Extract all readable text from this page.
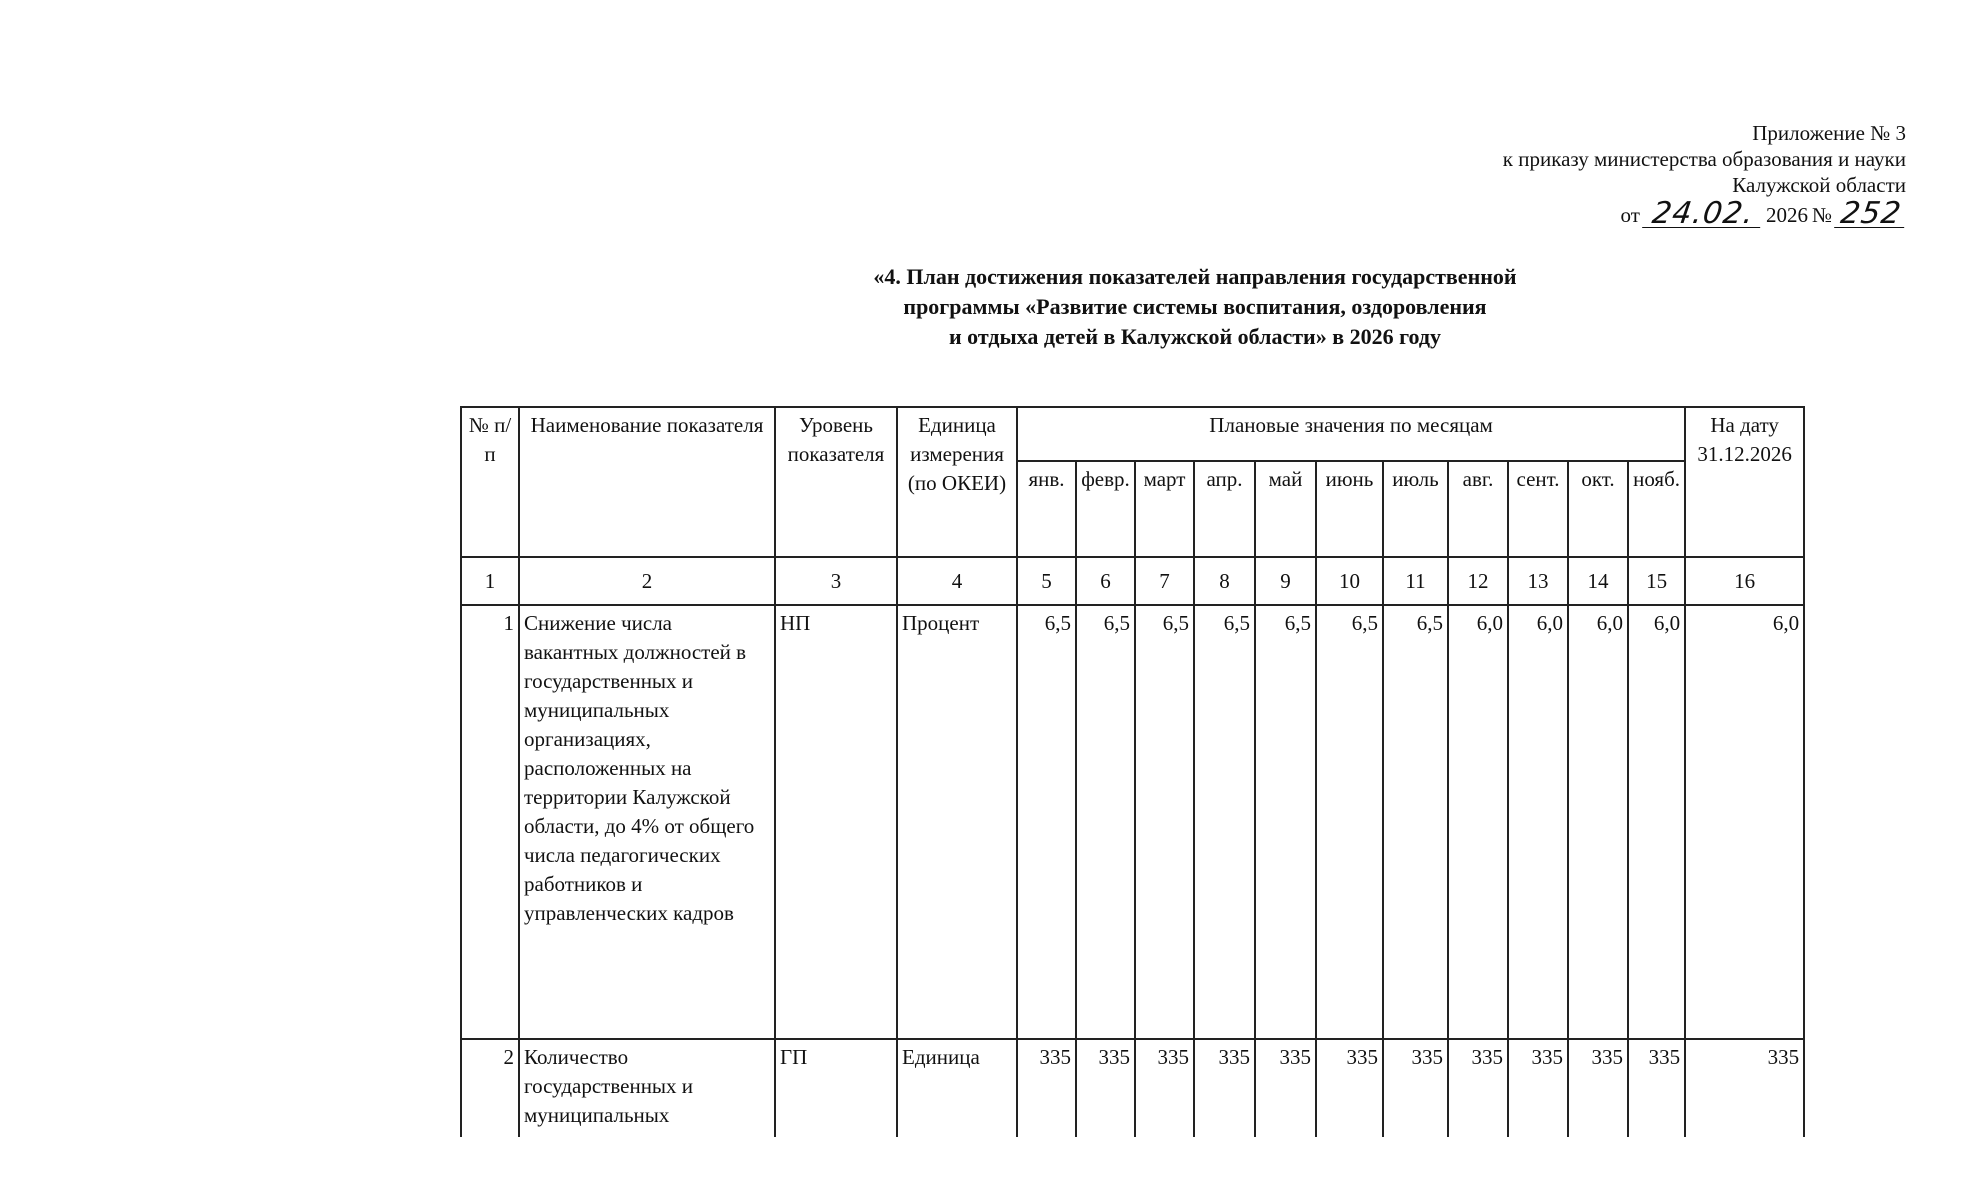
Приложение № 3
к приказу министерства образования и науки
Калужской области
от 24.02. 2026 № 252
«4. План достижения показателей направления государственной
программы «Развитие системы воспитания, оздоровления
и отдыха детей в Калужской области» в 2026 году
№ п/п	Наименование показателя	Уровень показателя	Единица измерения (по ОКЕИ)	Плановые значения по месяцам											На дату 31.12.2026
				янв.	февр.	март	апр.	май	июнь	июль	авг.	сент.	окт.	нояб.	
1	2	3	4	5	6	7	8	9	10	11	12	13	14	15	16
1	Снижение числа вакантных должностей в государственных и муниципальных организациях, расположенных на территории Калужской области, до 4% от общего числа педагогических работников и управленческих кадров	НП	Процент	6,5	6,5	6,5	6,5	6,5	6,5	6,5	6,0	6,0	6,0	6,0	6,0
2	Количество государственных и муниципальных	ГП	Единица	335	335	335	335	335	335	335	335	335	335	335	335
